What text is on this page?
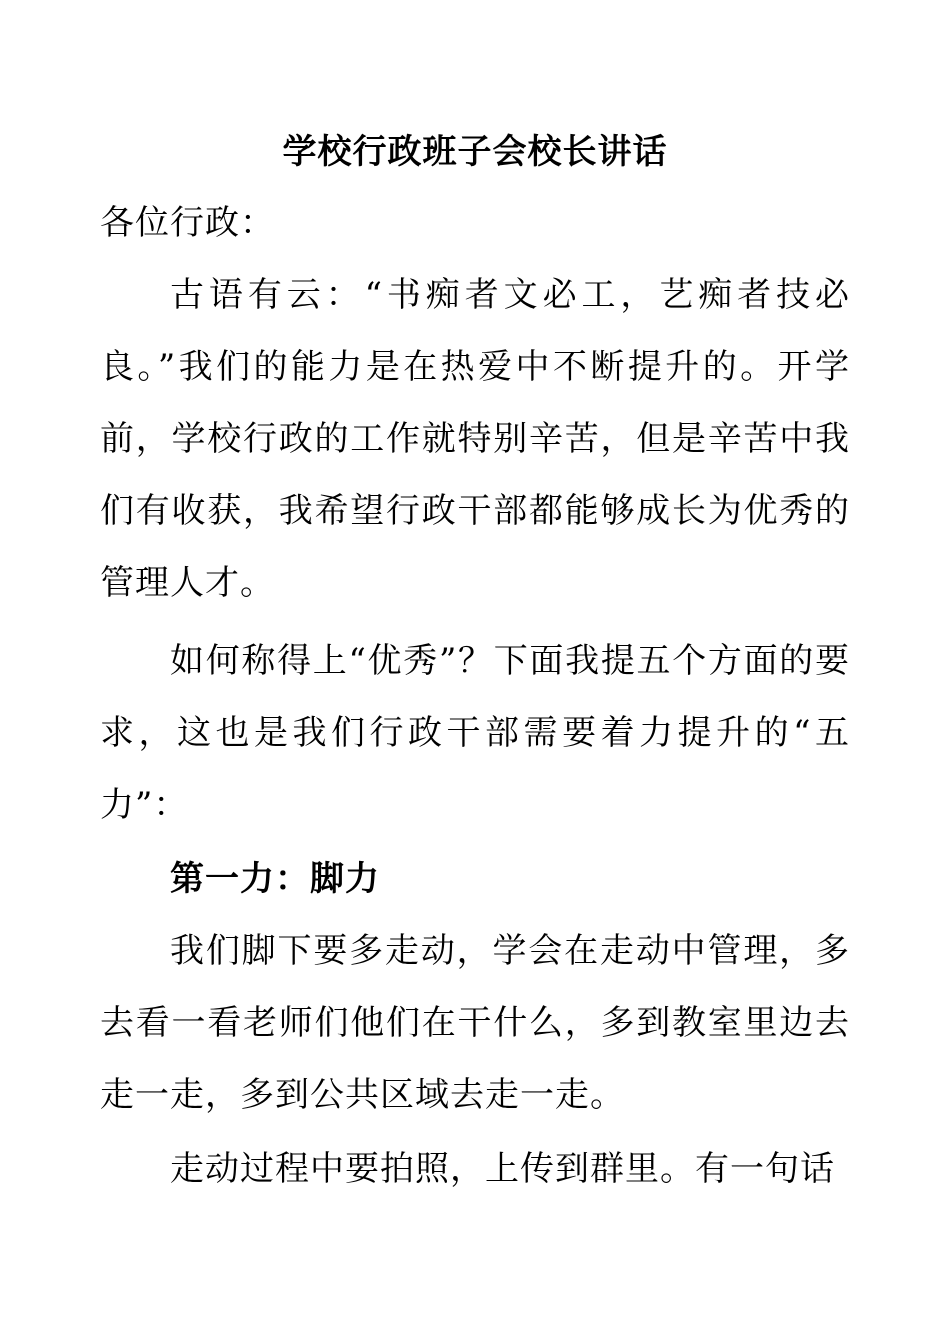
学校行政班子会校长讲话

各位行政：

古语有云：“书痴者文必工，艺痴者技必良。”我们的能力是在热爱中不断提升的。开学前，学校行政的工作就特别辛苦，但是辛苦中我们有收获，我希望行政干部都能够成长为优秀的管理人才。

如何称得上“优秀”？下面我提五个方面的要求，这也是我们行政干部需要着力提升的“五力”：

第一力：脚力

我们脚下要多走动，学会在走动中管理，多去看一看老师们他们在干什么，多到教室里边去走一走，多到公共区域去走一走。

走动过程中要拍照，上传到群里。有一句话
